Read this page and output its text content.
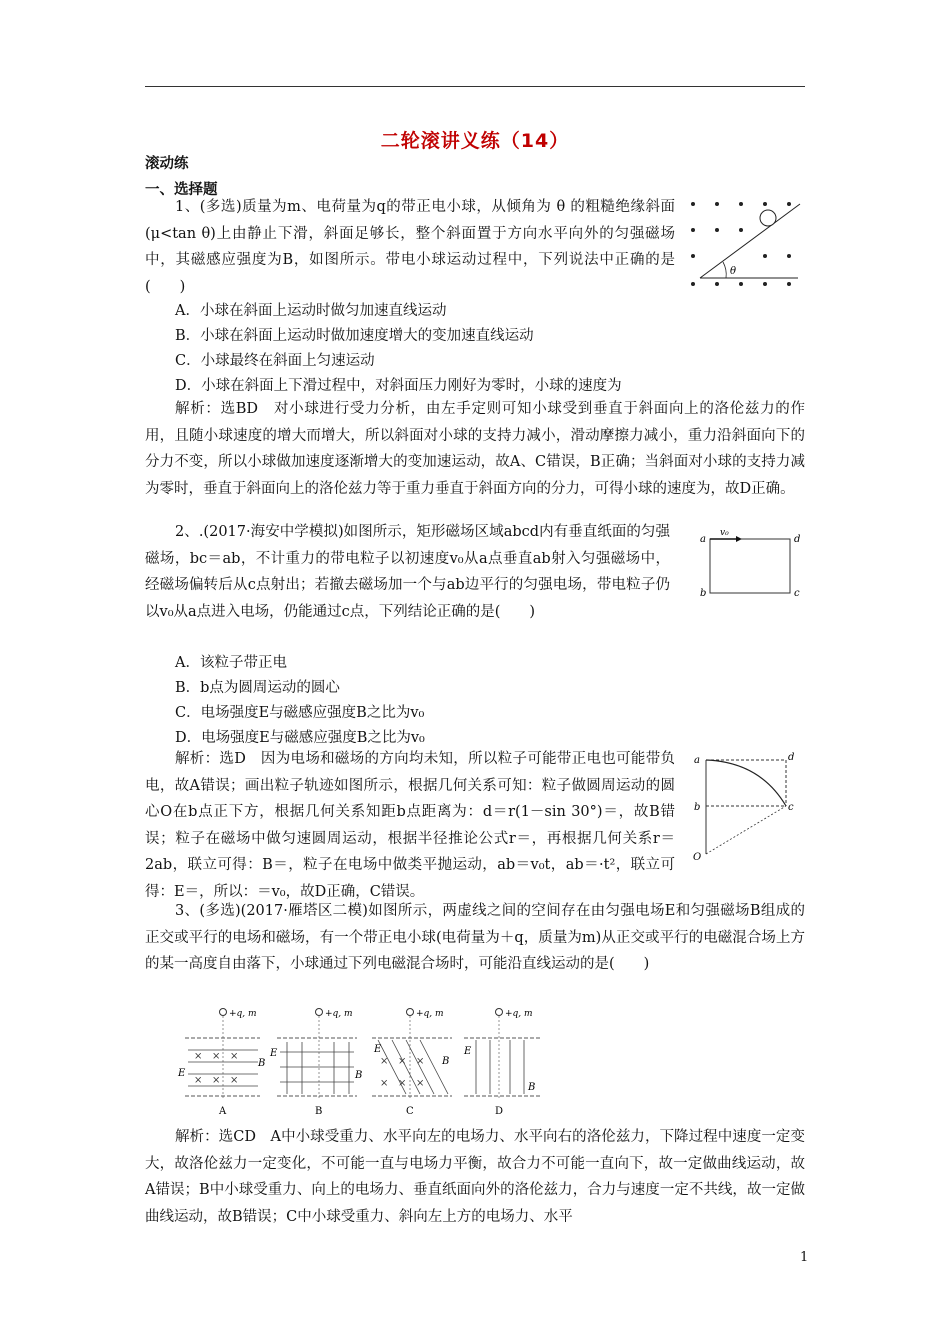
二轮滚讲义练（14）
滚动练
一、选择题
1、(多选)质量为m、电荷量为q的带正电小球，从倾角为 θ 的粗糙绝缘斜面(μ<tan θ)上由静止下滑，斜面足够长，整个斜面置于方向水平向外的匀强磁场中，其磁感应强度为B，如图所示。带电小球运动过程中，下列说法中正确的是(　　)
θ
A．小球在斜面上运动时做匀加速直线运动
B．小球在斜面上运动时做加速度增大的变加速直线运动
C．小球最终在斜面上匀速运动
D．小球在斜面上下滑过程中，对斜面压力刚好为零时，小球的速度为
解析：选BD　对小球进行受力分析，由左手定则可知小球受到垂直于斜面向上的洛伦兹力的作用，且随小球速度的增大而增大，所以斜面对小球的支持力减小，滑动摩擦力减小，重力沿斜面向下的分力不变，所以小球做加速度逐渐增大的变加速运动，故A、C错误，B正确；当斜面对小球的支持力减为零时，垂直于斜面向上的洛伦兹力等于重力垂直于斜面方向的分力，可得小球的速度为，故D正确。
2、.(2017·海安中学模拟)如图所示，矩形磁场区域abcd内有垂直纸面的匀强磁场，bc＝ab，不计重力的带电粒子以初速度v₀从a点垂直ab射入匀强磁场中，经磁场偏转后从c点射出；若撤去磁场加一个与ab边平行的匀强电场，带电粒子仍以v₀从a点进入电场，仍能通过c点，下列结论正确的是(　　)
a	d
b	c
v₀
A．该粒子带正电
B．b点为圆周运动的圆心
C．电场强度E与磁感应强度B之比为v₀
D．电场强度E与磁感应强度B之比为v₀
解析：选D　因为电场和磁场的方向均未知，所以粒子可能带正电也可能带负电，故A错误；画出粒子轨迹如图所示，根据几何关系可知：粒子做圆周运动的圆心O在b点正下方，根据几何关系知距b点距离为：d＝r(1－sin 30°)＝，故B错误；粒子在磁场中做匀速圆周运动，根据半径推论公式r＝，再根据几何关系r＝2ab，联立可得：B＝，粒子在电场中做类平抛运动，ab＝v₀t，ab＝·t²，联立可得：E＝，所以：＝v₀，故D正确，C错误。
a	d
b	c
O
3、(多选)(2017·雁塔区二模)如图所示，两虚线之间的空间存在由匀强电场E和匀强磁场B组成的正交或平行的电场和磁场，有一个带正电小球(电荷量为＋q，质量为m)从正交或平行的电磁混合场上方的某一高度自由落下，小球通过下列电磁混合场时，可能沿直线运动的是(　　)
+q, m
× × ×
× × ×
E
B
A
+q, m
E
B
B
+q, m
× × ×
× × ×
E
B
C
+q, m
E
B
D
解析：选CD　A中小球受重力、水平向左的电场力、水平向右的洛伦兹力，下降过程中速度一定变大，故洛伦兹力一定变化，不可能一直与电场力平衡，故合力不可能一直向下，故一定做曲线运动，故A错误；B中小球受重力、向上的电场力、垂直纸面向外的洛伦兹力，合力与速度一定不共线，故一定做曲线运动，故B错误；C中小球受重力、斜向左上方的电场力、水平
1
